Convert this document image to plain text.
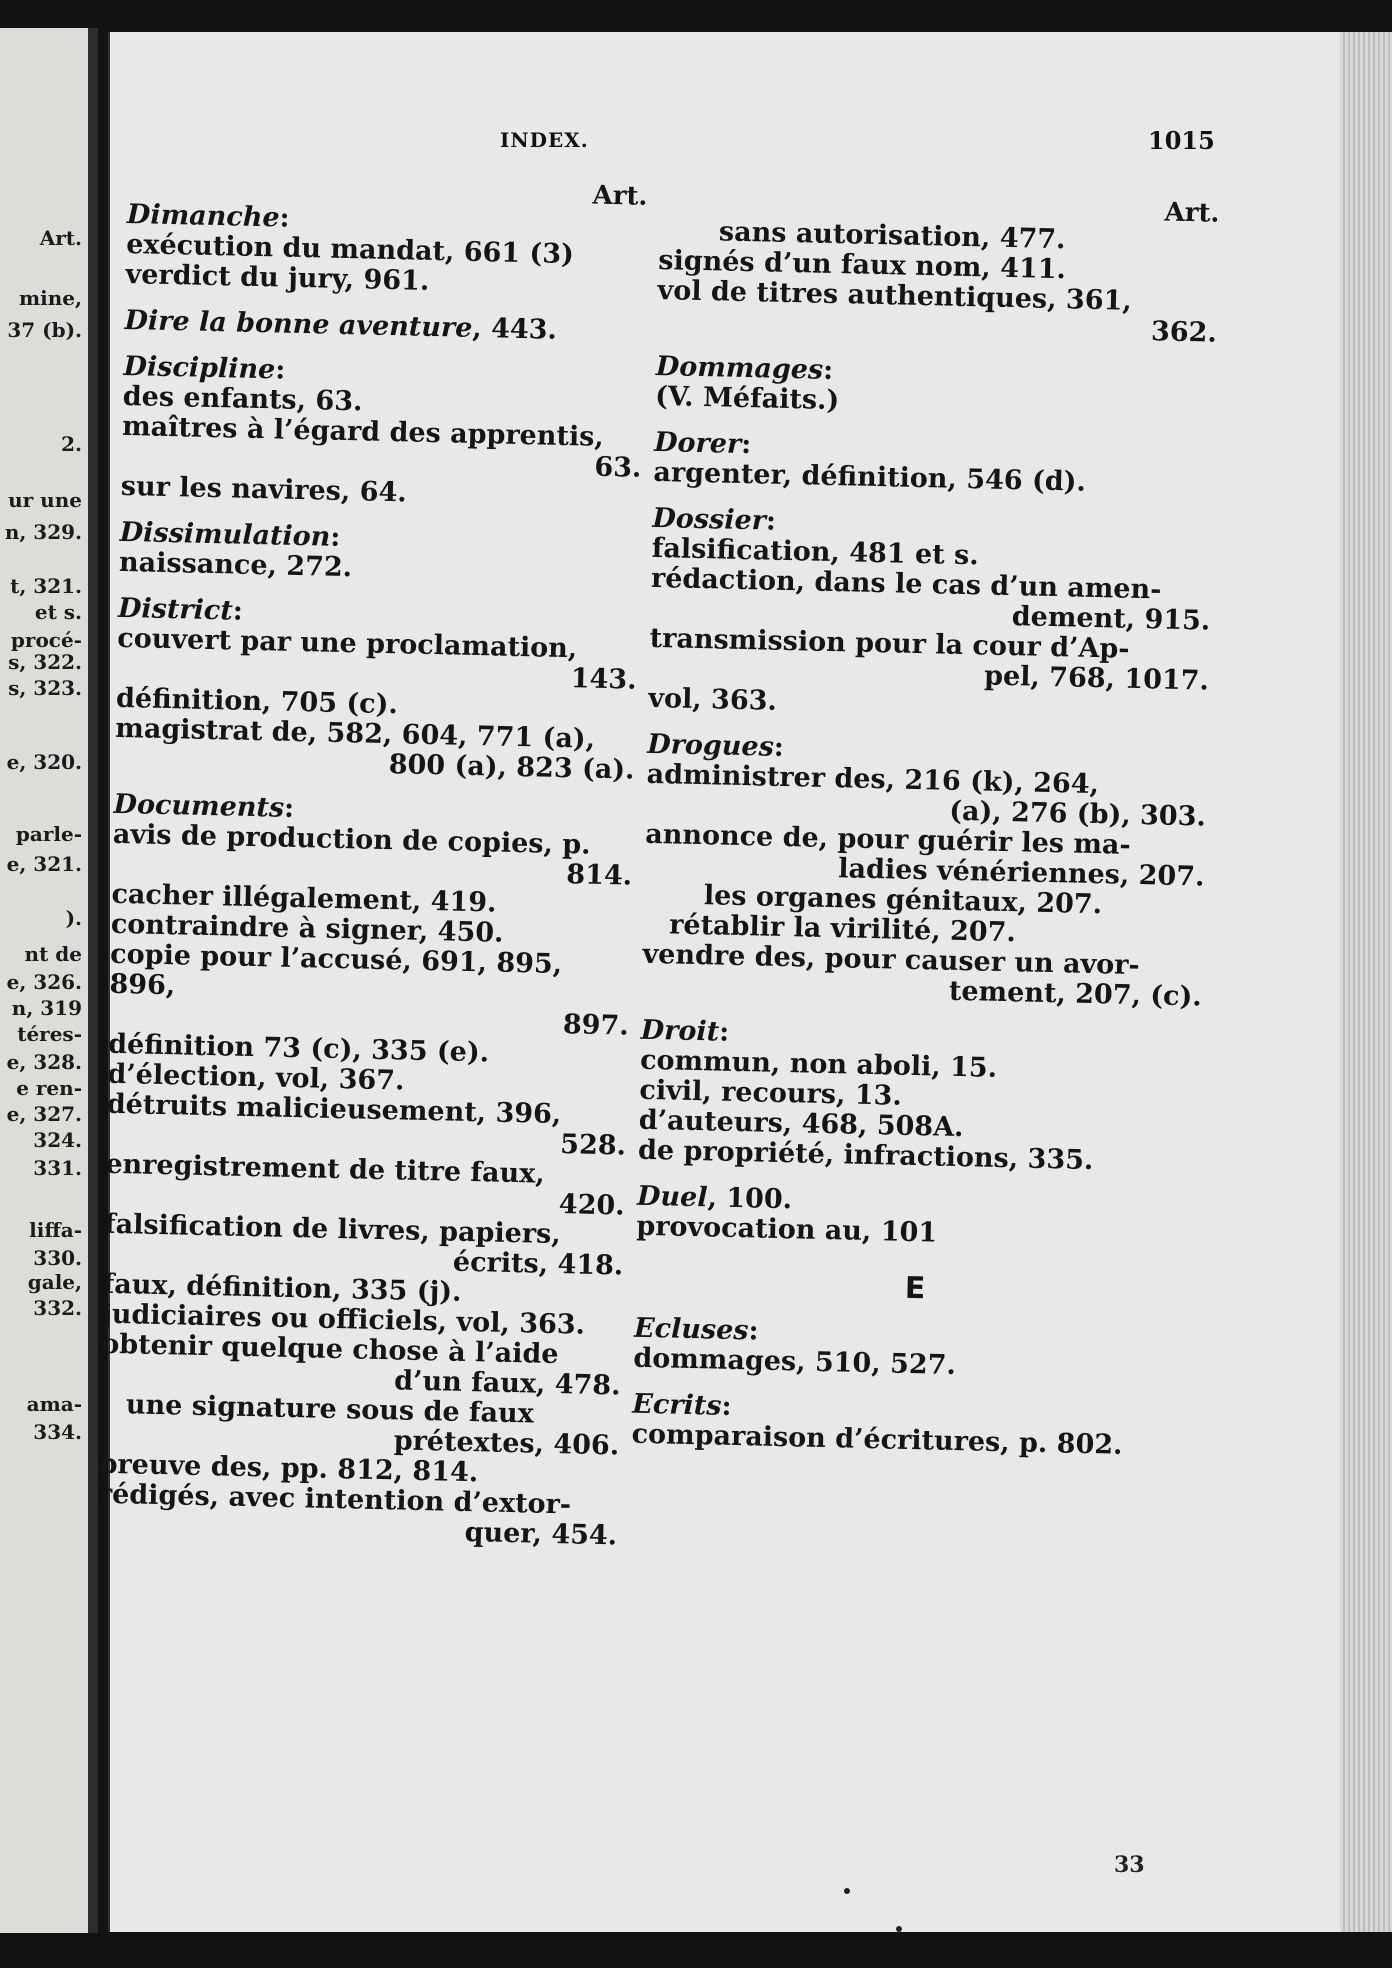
Art.
mine,
37 (b).
2.
ur une
n, 329.
t, 321.
et s.
procé-
s, 322.
s, 323.
e, 320.
parle-
e, 321.
).
nt de
e, 326.
n, 319
téres-
e, 328.
e ren-
e, 327.
324.
331.
liffa-
330.
gale,
332.
ama-
334.
INDEX.	1015
Art.
Dimanche:
exécution du mandat, 661 (3)
verdict du jury, 961.
Dire la bonne aventure, 443.
Discipline:
des enfants, 63.
maîtres à l’égard des apprentis,
63.
sur les navires, 64.
Dissimulation:
naissance, 272.
District:
couvert par une proclamation,
143.
définition, 705 (c).
magistrat de, 582, 604, 771 (a),
800 (a), 823 (a).
Documents:
avis de production de copies, p.
814.
cacher illégalement, 419.
contraindre à signer, 450.
copie pour l’accusé, 691, 895, 896,
897.
définition 73 (c), 335 (e).
d’élection, vol, 367.
détruits malicieusement, 396,
528.
enregistrement de titre faux,
420.
falsification de livres, papiers,
écrits, 418.
faux, définition, 335 (j).
judiciaires ou officiels, vol, 363.
obtenir quelque chose à l’aide
d’un faux, 478.
une signature sous de faux
prétextes, 406.
preuve des, pp. 812, 814.
rédigés, avec intention d’extor-
quer, 454.
Art.
sans autorisation, 477.
signés d’un faux nom, 411.
vol de titres authentiques, 361,
362.
Dommages:
(V. Méfaits.)
Dorer:
argenter, définition, 546 (d).
Dossier:
falsification, 481 et s.
rédaction, dans le cas d’un amen-
dement, 915.
transmission pour la cour d’Ap-
pel, 768, 1017.
vol, 363.
Drogues:
administrer des, 216 (k), 264,
(a), 276 (b), 303.
annonce de, pour guérir les ma-
ladies vénériennes, 207.
les organes génitaux, 207.
rétablir la virilité, 207.
vendre des, pour causer un avor-
tement, 207, (c).
Droit:
commun, non aboli, 15.
civil, recours, 13.
d’auteurs, 468, 508A.
de propriété, infractions, 335.
Duel, 100.
provocation au, 101
E
Ecluses:
dommages, 510, 527.
Ecrits:
comparaison d’écritures, p. 802.
33
